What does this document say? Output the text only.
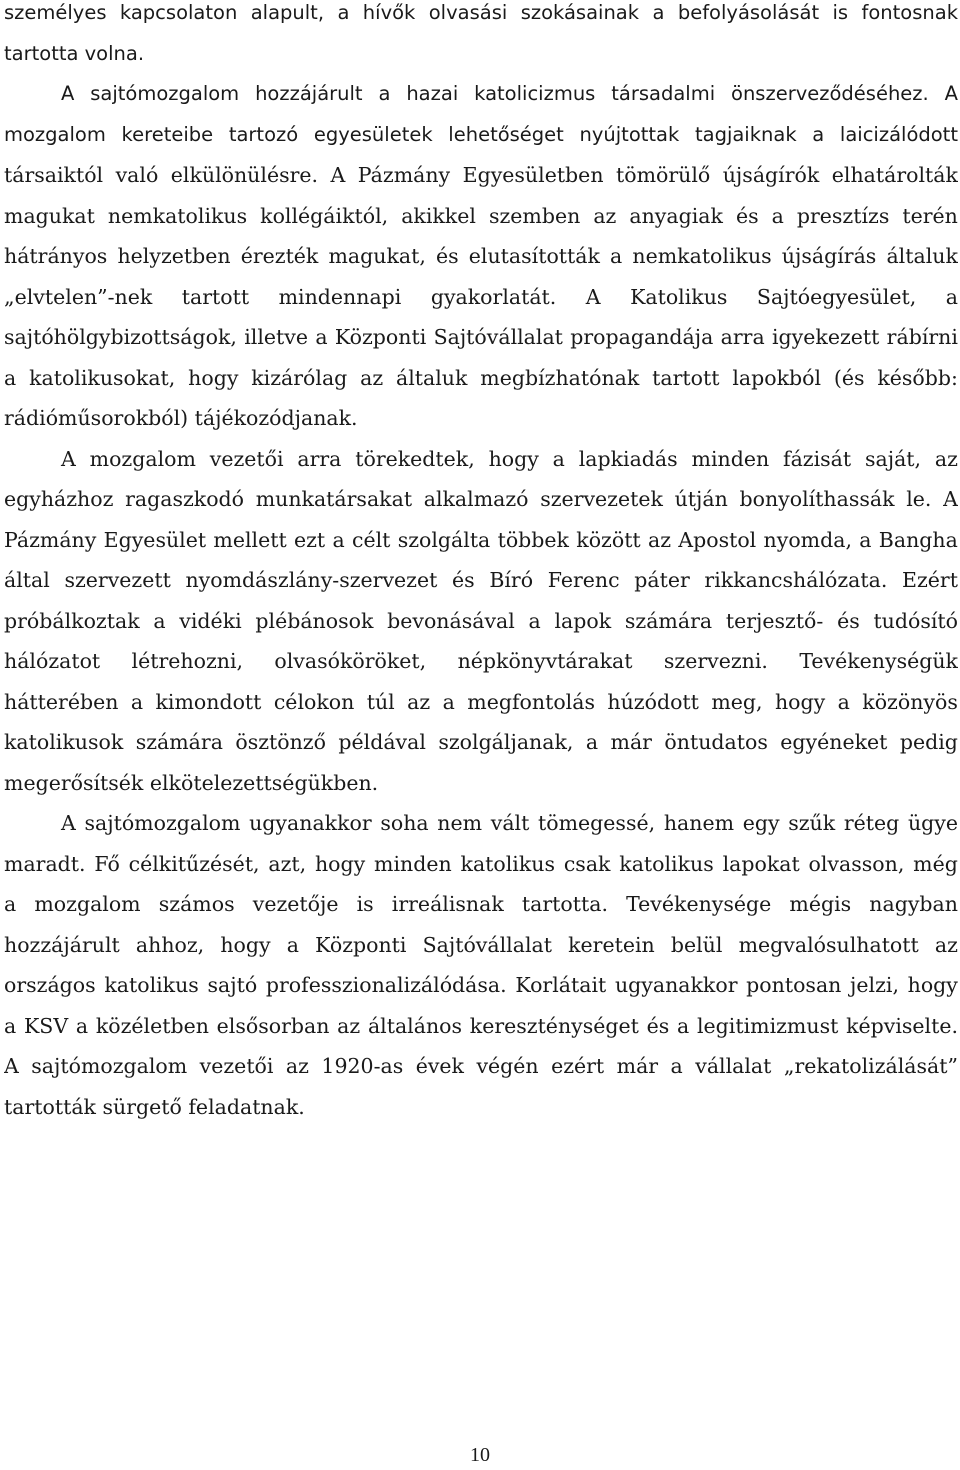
személyes kapcsolaton alapult, a hívők olvasási szokásainak a befolyásolását is fontosnak
tartotta volna.
A sajtómozgalom hozzájárult a hazai katolicizmus társadalmi önszerveződéséhez. A
mozgalom kereteibe tartozó egyesületek lehetőséget nyújtottak tagjaiknak a laicizálódott
társaiktól való elkülönülésre. A Pázmány Egyesületben tömörülő újságírók elhatárolták
magukat nemkatolikus kollégáiktól, akikkel szemben az anyagiak és a presztízs terén
hátrányos helyzetben érezték magukat, és elutasították a nemkatolikus újságírás általuk
„elvtelen”-nek tartott mindennapi gyakorlatát. A Katolikus Sajtóegyesület, a
sajtóhölgybizottságok, illetve a Központi Sajtóvállalat propagandája arra igyekezett rábírni
a katolikusokat, hogy kizárólag az általuk megbízhatónak tartott lapokból (és később:
rádióműsorokból) tájékozódjanak.
A mozgalom vezetői arra törekedtek, hogy a lapkiadás minden fázisát saját, az
egyházhoz ragaszkodó munkatársakat alkalmazó szervezetek útján bonyolíthassák le. A
Pázmány Egyesület mellett ezt a célt szolgálta többek között az Apostol nyomda, a Bangha
által szervezett nyomdászlány-szervezet és Bíró Ferenc páter rikkancshálózata. Ezért
próbálkoztak a vidéki plébánosok bevonásával a lapok számára terjesztő- és tudósító
hálózatot létrehozni, olvasóköröket, népkönyvtárakat szervezni. Tevékenységük
hátterében a kimondott célokon túl az a megfontolás húzódott meg, hogy a közönyös
katolikusok számára ösztönző példával szolgáljanak, a már öntudatos egyéneket pedig
megerősítsék elkötelezettségükben.
A sajtómozgalom ugyanakkor soha nem vált tömegessé, hanem egy szűk réteg ügye
maradt. Fő célkitűzését, azt, hogy minden katolikus csak katolikus lapokat olvasson, még
a mozgalom számos vezetője is irreálisnak tartotta. Tevékenysége mégis nagyban
hozzájárult ahhoz, hogy a Központi Sajtóvállalat keretein belül megvalósulhatott az
országos katolikus sajtó professzionalizálódása. Korlátait ugyanakkor pontosan jelzi, hogy
a KSV a közéletben elsősorban az általános kereszténységet és a legitimizmust képviselte.
A sajtómozgalom vezetői az 1920-as évek végén ezért már a vállalat „rekatolizálását”
tartották sürgető feladatnak.
10
